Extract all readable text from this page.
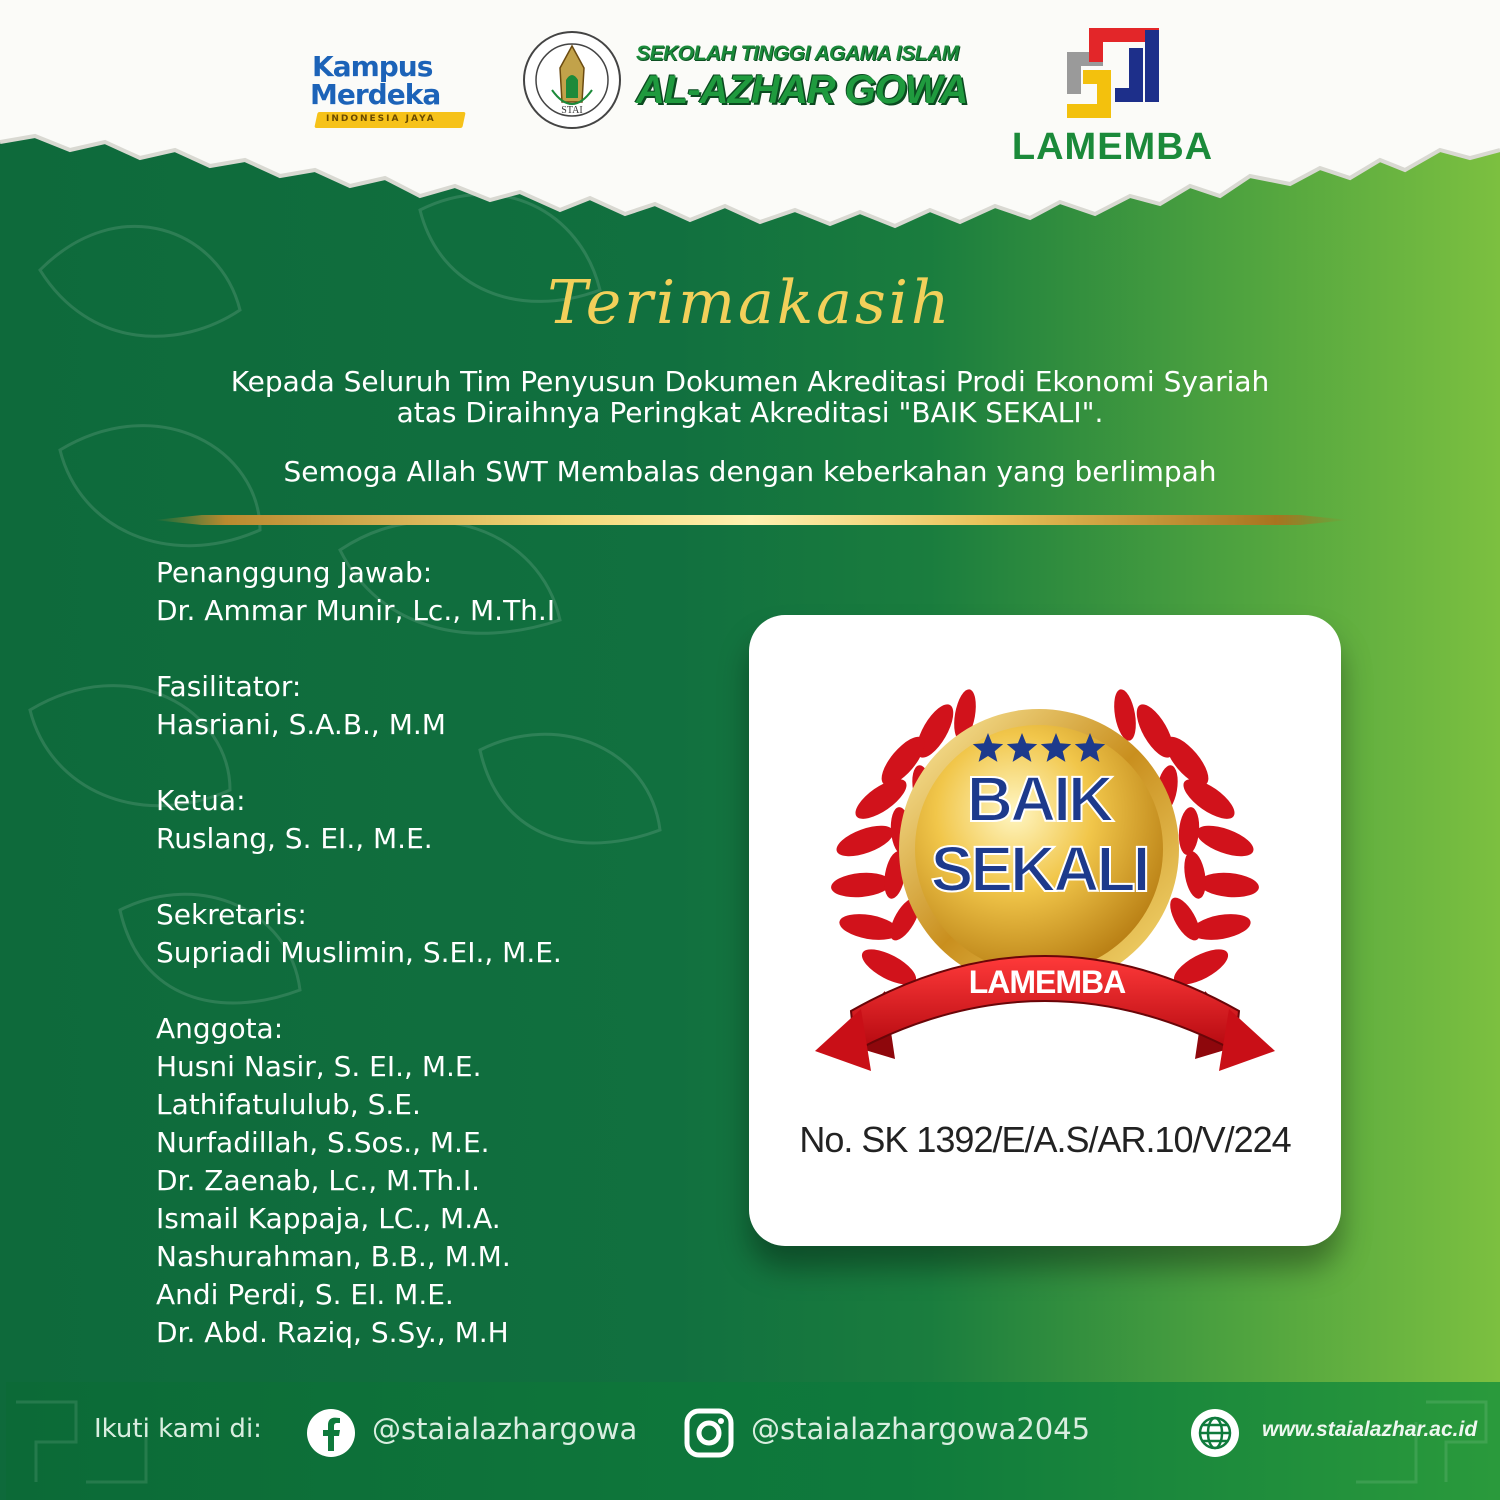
Kampus
Merdeka
INDONESIA JAYA
STAI
SEKOLAH TINGGI AGAMA ISLAM
AL-AZHAR GOWA
LAMEMBA
Terimakasih
Kepada Seluruh Tim Penyusun Dokumen Akreditasi Prodi Ekonomi Syariah
atas Diraihnya Peringkat Akreditasi "BAIK SEKALI".
Semoga Allah SWT Membalas dengan keberkahan yang berlimpah
Penanggung Jawab:
Dr. Ammar Munir, Lc., M.Th.I
Fasilitator:
Hasriani, S.A.B., M.M
Ketua:
Ruslang, S. EI., M.E.
Sekretaris:
Supriadi Muslimin, S.EI., M.E.
Anggota:
Husni Nasir, S. EI., M.E.
Lathifatululub, S.E.
Nurfadillah, S.Sos., M.E.
Dr. Zaenab, Lc., M.Th.I.
Ismail Kappaja, LC., M.A.
Nashurahman, B.B., M.M.
Andi Perdi, S. EI. M.E.
Dr. Abd. Raziq, S.Sy., M.H
BAIK
SEKALI
LAMEMBA
No. SK 1392/E/A.S/AR.10/V/224
Ikuti kami di:	@staialazhargowa	@staialazhargowa2045	www.staialazhar.ac.id
